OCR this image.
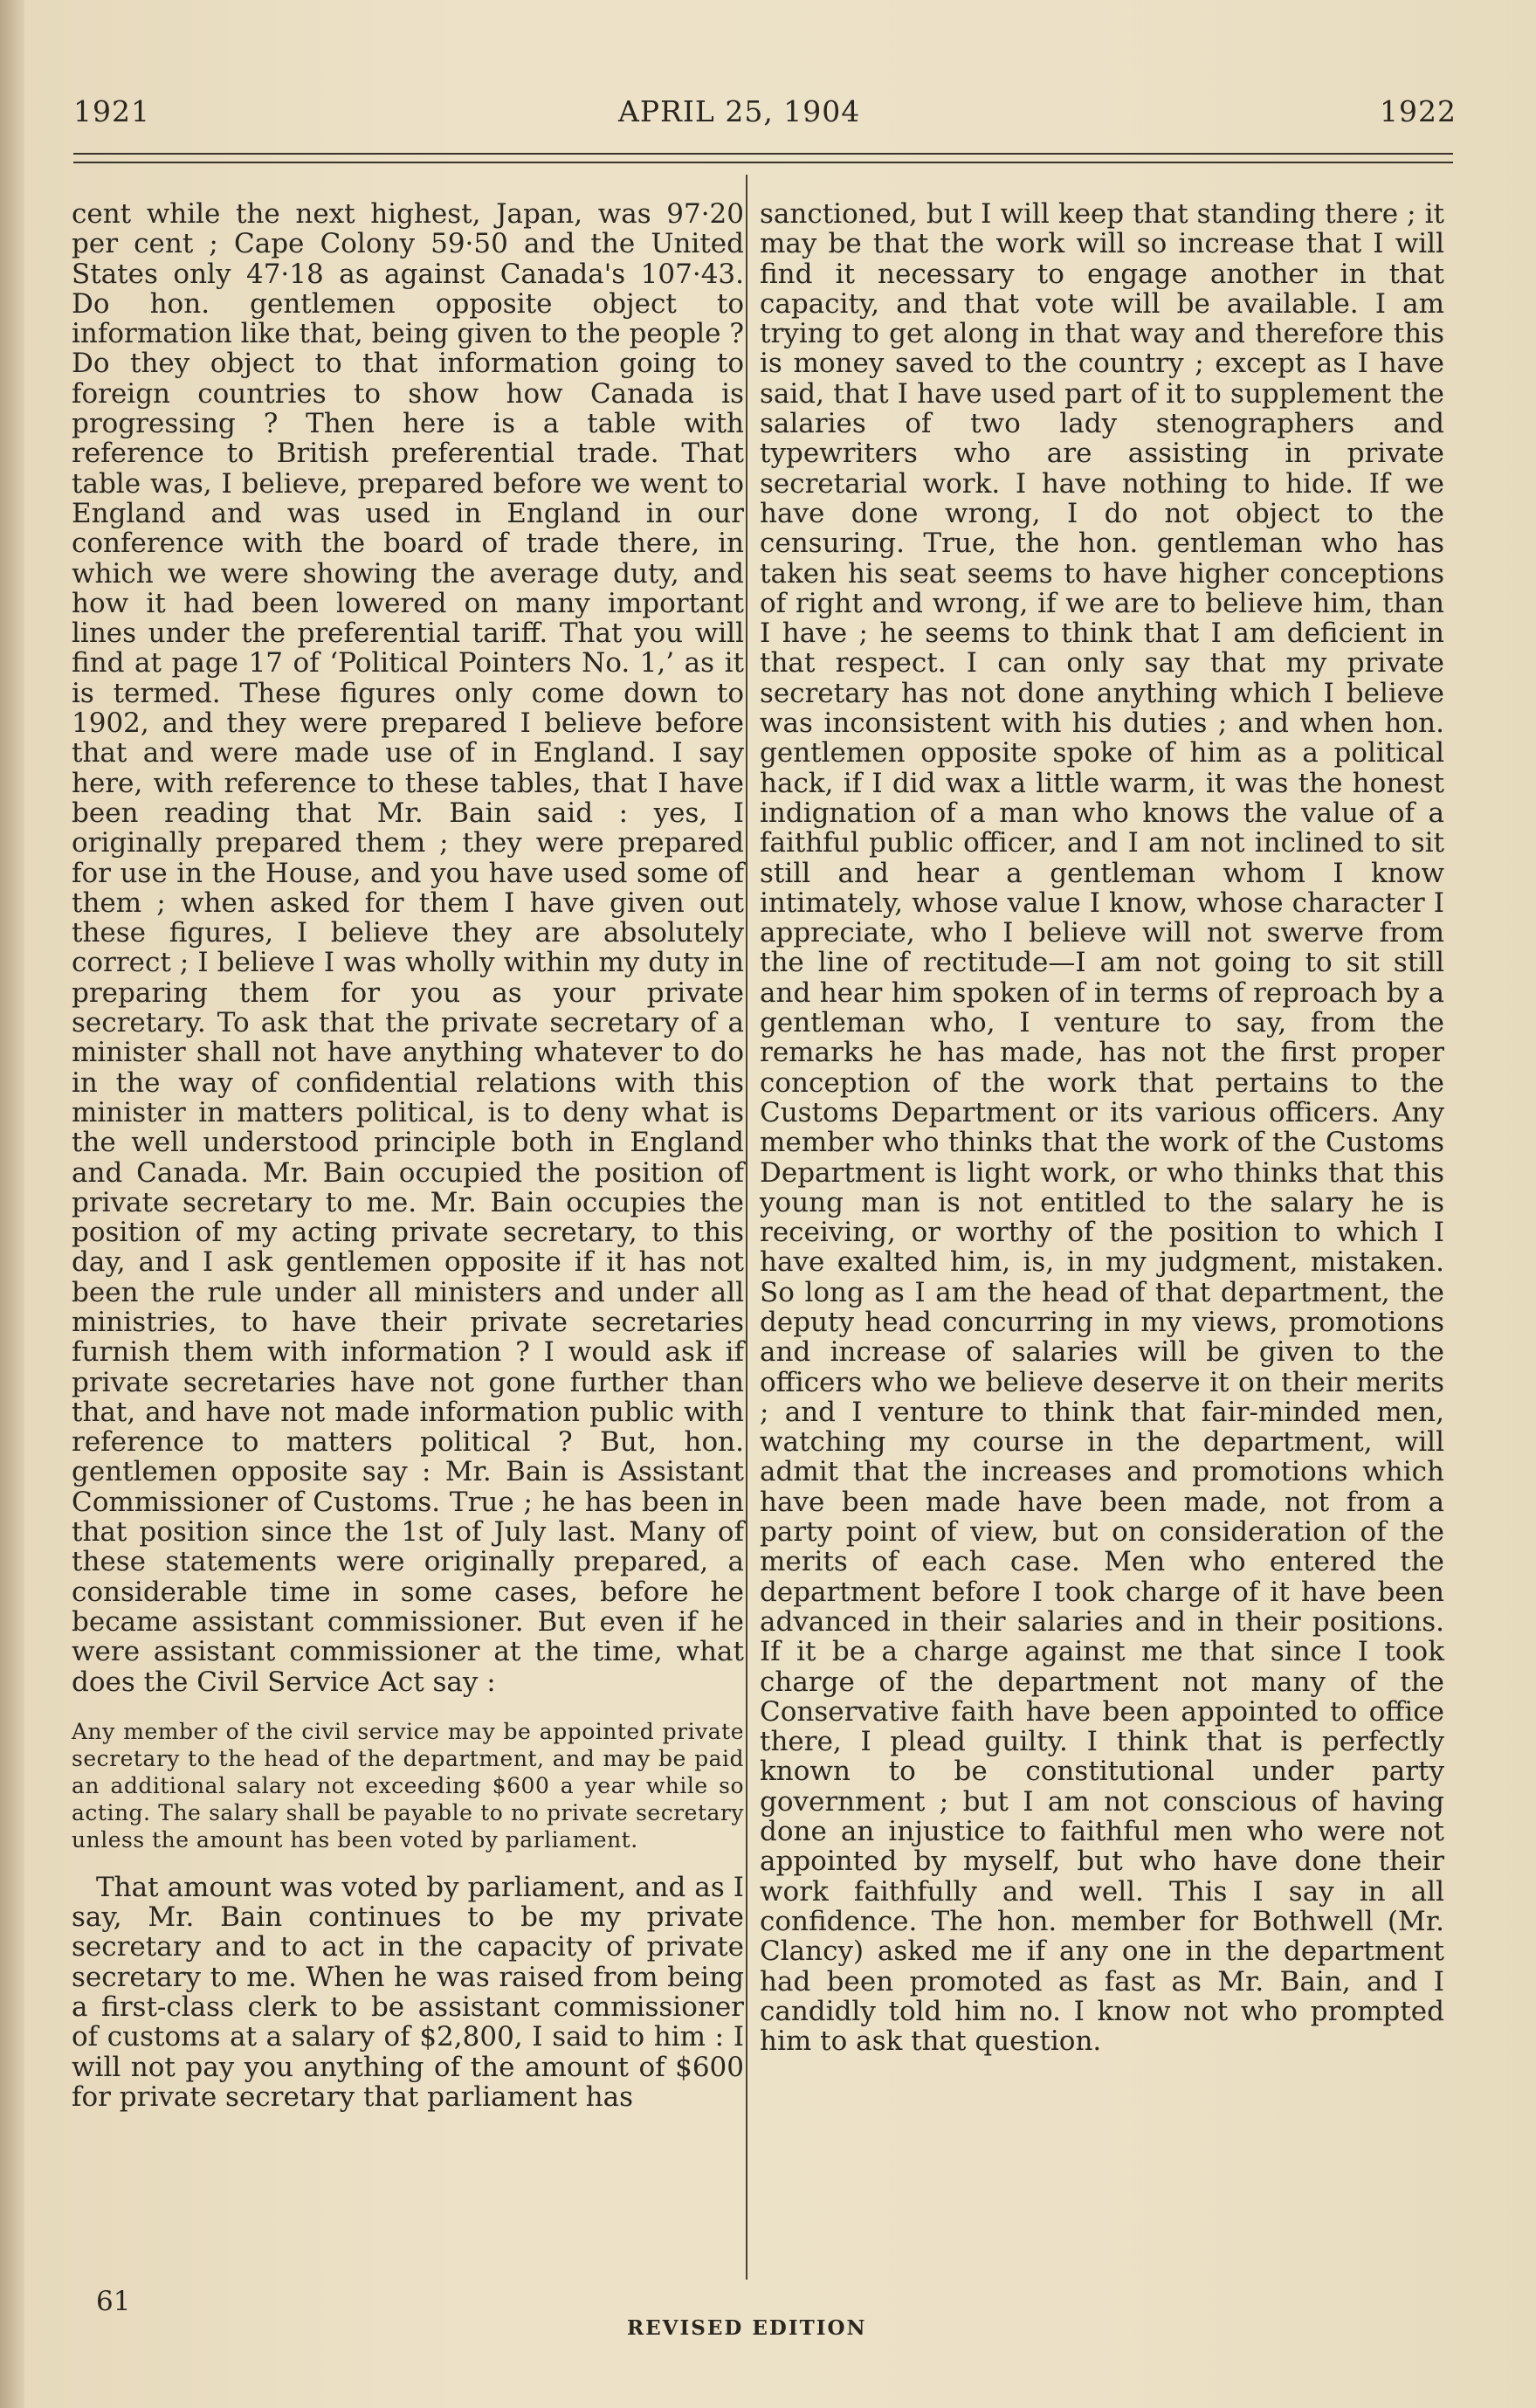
1921	APRIL 25, 1904	1922

cent while the next highest, Japan, was 97·20 per cent ; Cape Colony 59·50 and the United States only 47·18 as against Canada's 107·43. Do hon. gentlemen opposite object to information like that, being given to the people ? Do they object to that information going to foreign countries to show how Canada is progressing ? Then here is a table with reference to British preferential trade. That table was, I believe, prepared before we went to England and was used in England in our conference with the board of trade there, in which we were showing the average duty, and how it had been lowered on many important lines under the preferential tariff. That you will find at page 17 of ‘Political Pointers No. 1,’ as it is termed. These figures only come down to 1902, and they were prepared I believe before that and were made use of in England. I say here, with reference to these tables, that I have been reading that Mr. Bain said : yes, I originally prepared them ; they were prepared for use in the House, and you have used some of them ; when asked for them I have given out these figures, I believe they are absolutely correct ; I believe I was wholly within my duty in preparing them for you as your private secretary. To ask that the private secretary of a minister shall not have anything whatever to do in the way of confidential relations with this minister in matters political, is to deny what is the well understood principle both in England and Canada. Mr. Bain occupied the position of private secretary to me. Mr. Bain occupies the position of my acting private secretary, to this day, and I ask gentlemen opposite if it has not been the rule under all ministers and under all ministries, to have their private secretaries furnish them with information ? I would ask if private secretaries have not gone further than that, and have not made information public with reference to matters political ? But, hon. gentlemen opposite say : Mr. Bain is Assistant Commissioner of Customs. True ; he has been in that position since the 1st of July last. Many of these statements were originally prepared, a considerable time in some cases, before he became assistant commissioner. But even if he were assistant commissioner at the time, what does the Civil Service Act say :

Any member of the civil service may be appointed private secretary to the head of the department, and may be paid an additional salary not exceeding $600 a year while so acting. The salary shall be payable to no private secretary unless the amount has been voted by parliament.

That amount was voted by parliament, and as I say, Mr. Bain continues to be my private secretary and to act in the capacity of private secretary to me. When he was raised from being a first-class clerk to be assistant commissioner of customs at a salary of $2,800, I said to him : I will not pay you anything of the amount of $600 for private secretary that parliament has

sanctioned, but I will keep that standing there ; it may be that the work will so increase that I will find it necessary to engage another in that capacity, and that vote will be available. I am trying to get along in that way and therefore this is money saved to the country ; except as I have said, that I have used part of it to supplement the salaries of two lady stenographers and typewriters who are assisting in private secretarial work. I have nothing to hide. If we have done wrong, I do not object to the censuring. True, the hon. gentleman who has taken his seat seems to have higher conceptions of right and wrong, if we are to believe him, than I have ; he seems to think that I am deficient in that respect. I can only say that my private secretary has not done anything which I believe was inconsistent with his duties ; and when hon. gentlemen opposite spoke of him as a political hack, if I did wax a little warm, it was the honest indignation of a man who knows the value of a faithful public officer, and I am not inclined to sit still and hear a gentleman whom I know intimately, whose value I know, whose character I appreciate, who I believe will not swerve from the line of rectitude—I am not going to sit still and hear him spoken of in terms of reproach by a gentleman who, I venture to say, from the remarks he has made, has not the first proper conception of the work that pertains to the Customs Department or its various officers. Any member who thinks that the work of the Customs Department is light work, or who thinks that this young man is not entitled to the salary he is receiving, or worthy of the position to which I have exalted him, is, in my judgment, mistaken. So long as I am the head of that department, the deputy head concurring in my views, promotions and increase of salaries will be given to the officers who we believe deserve it on their merits ; and I venture to think that fair-minded men, watching my course in the department, will admit that the increases and promotions which have been made have been made, not from a party point of view, but on consideration of the merits of each case. Men who entered the department before I took charge of it have been advanced in their salaries and in their positions. If it be a charge against me that since I took charge of the department not many of the Conservative faith have been appointed to office there, I plead guilty. I think that is perfectly known to be constitutional under party government ; but I am not conscious of having done an injustice to faithful men who were not appointed by myself, but who have done their work faithfully and well. This I say in all confidence. The hon. member for Bothwell (Mr. Clancy) asked me if any one in the department had been promoted as fast as Mr. Bain, and I candidly told him no. I know not who prompted him to ask that question.

61
REVISED EDITION
